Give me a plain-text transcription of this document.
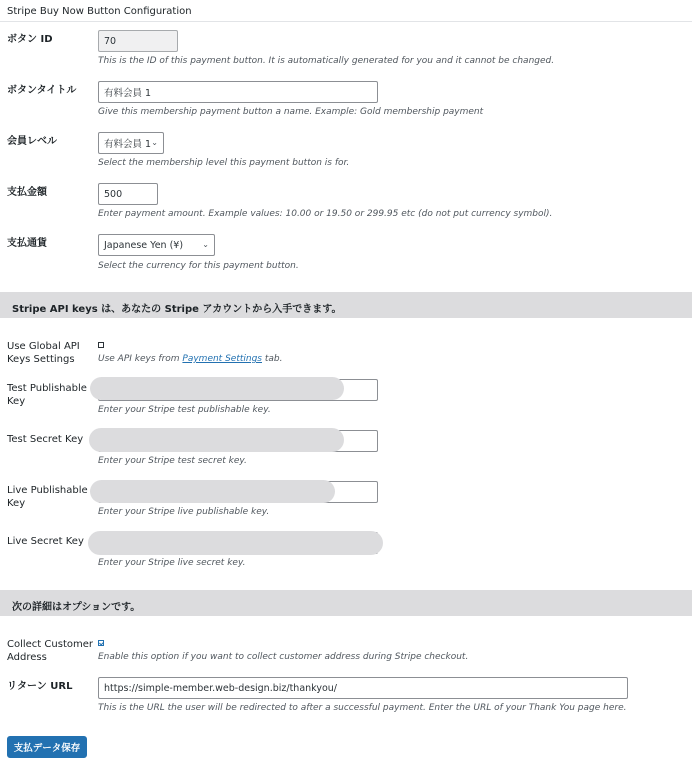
Stripe Buy Now Button Configuration
ボタン ID	70
This is the ID of this payment button. It is automatically generated for you and it cannot be changed.
ボタンタイトル	有料会員 1
Give this membership payment button a name. Example: Gold membership payment
会員レベル	有料会員 1 ⌄
Select the membership level this payment button is for.
支払金額	500
Enter payment amount. Example values: 10.00 or 19.50 or 299.95 etc (do not put currency symbol).
支払通貨	Japanese Yen (¥) ⌄
Select the currency for this payment button.
Stripe API keys は、あなたの Stripe アカウントから入手できます。
Use Global API
Keys Settings	Use API keys from Payment Settings tab.
Test Publishable
Key
Enter your Stripe test publishable key.
Test Secret Key
Enter your Stripe test secret key.
Live Publishable
Key
Enter your Stripe live publishable key.
Live Secret Key
Enter your Stripe live secret key.
次の詳細はオプションです。
Collect Customer
Address	Enable this option if you want to collect customer address during Stripe checkout.
リターン URL	https://simple-member.web-design.biz/thankyou/
This is the URL the user will be redirected to after a successful payment. Enter the URL of your Thank You page here.
支払データ保存
